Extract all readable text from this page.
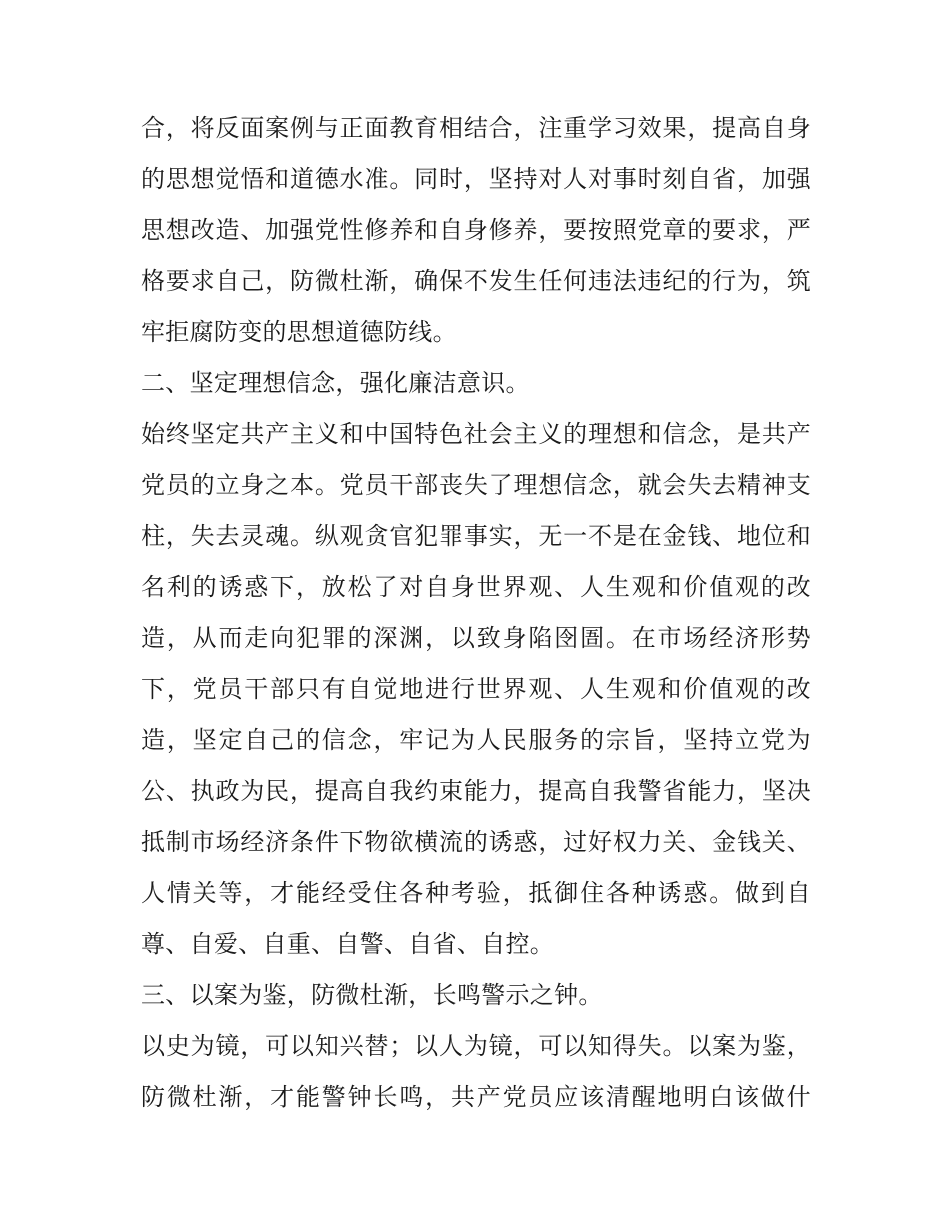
合，将反面案例与正面教育相结合，注重学习效果，提高自身
的思想觉悟和道德水准。同时，坚持对人对事时刻自省，加强
思想改造、加强党性修养和自身修养，要按照党章的要求，严
格要求自己，防微杜渐，确保不发生任何违法违纪的行为，筑
牢拒腐防变的思想道德防线。
二、坚定理想信念，强化廉洁意识。
始终坚定共产主义和中国特色社会主义的理想和信念，是共产
党员的立身之本。党员干部丧失了理想信念，就会失去精神支
柱，失去灵魂。纵观贪官犯罪事实，无一不是在金钱、地位和
名利的诱惑下，放松了对自身世界观、人生观和价值观的改
造，从而走向犯罪的深渊，以致身陷囹圄。在市场经济形势
下，党员干部只有自觉地进行世界观、人生观和价值观的改
造，坚定自己的信念，牢记为人民服务的宗旨，坚持立党为
公、执政为民，提高自我约束能力，提高自我警省能力，坚决
抵制市场经济条件下物欲横流的诱惑，过好权力关、金钱关、
人情关等，才能经受住各种考验，抵御住各种诱惑。做到自
尊、自爱、自重、自警、自省、自控。
三、以案为鉴，防微杜渐，长鸣警示之钟。
以史为镜，可以知兴替；以人为镜，可以知得失。以案为鉴，
防微杜渐，才能警钟长鸣，共产党员应该清醒地明白该做什
